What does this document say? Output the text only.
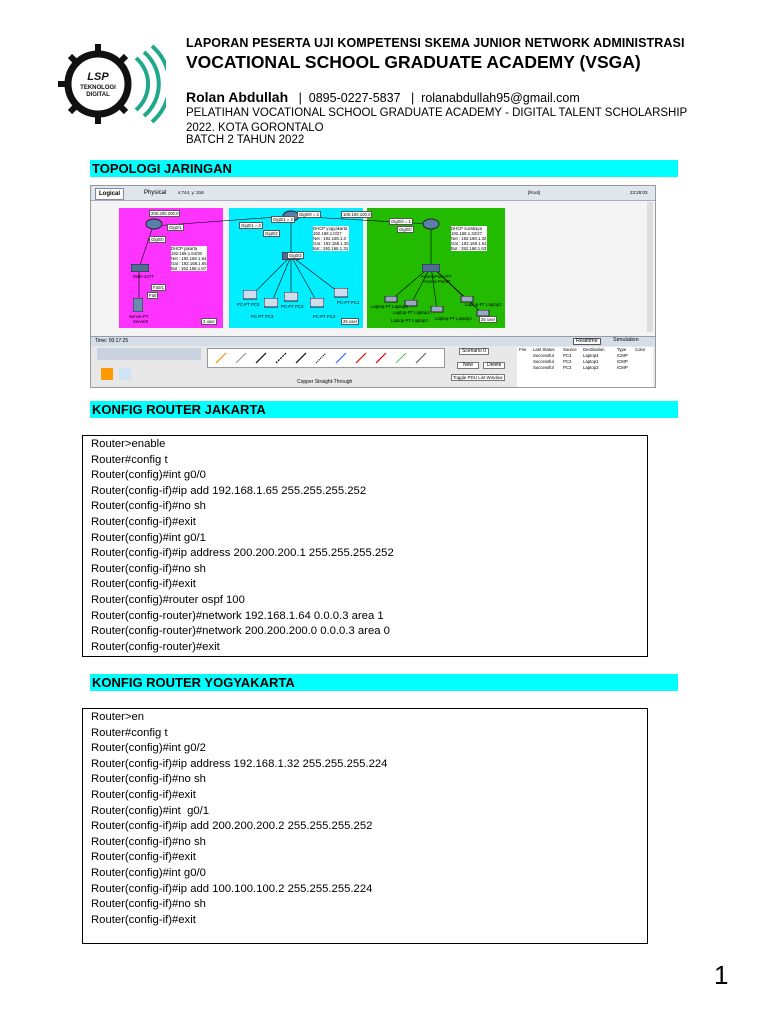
LSP
TEKNOLOGI
DIGITAL
LAPORAN PESERTA UJI KOMPETENSI SKEMA JUNIOR NETWORK ADMINISTRASI
VOCATIONAL SCHOOL GRADUATE ACADEMY (VSGA)
Rolan Abdullah   |  0895-0227-5837   |  rolanabdullah95@gmail.com
PELATIHAN VOCATIONAL SCHOOL GRADUATE ACADEMY - DIGITAL TALENT SCHOLARSHIP 2022. KOTA GORONTALO
BATCH 2 TAHUN 2022
TOPOLOGI JARINGAN
Logical	Physical	x:744, y: 316	[Root]	23:29:03
200.200.200.0	100.100.100.0
Gig0/1
Gig0/0
Gig0/1 = 2
Gig0/1 = 2
Gig0/0 = 2
Gig0/2
Gig0/3
Gig0/0 = 1
Gig0/0
DHCP jakarta
192.168.1.64/30
Net : 192.168.1.64
Gat : 192.168.1.65
Bot : 192.168.1.67
DHCP yogyakarta
192.168.1.0/27
Net : 192.168.1.0
Gat : 192.168.1.30
Bot : 192.168.1.31
DHCP surabaya
192.168.1.32/27
Net : 192.168.1.32
Gat : 192.168.1.62
Bot : 192.168.1.63
2960-24TT
Fa0/1
Fa0
Server-PT
Server0	2 user
PC-PT PC0	PC-PT PC1
PC-PT PC2
PC-PT PC3	PC-PT PC4
25 user
AccessPoint-PT
Access Point0
Laptop-PT Laptop0
Laptop-PT Laptop1
Laptop-PT Laptop2
Laptop-PT Laptop3 Laptop-PT Laptop4	25 user
Time: 00:17:25	Realtime	Simulation
Copper Straight-Through
Scenario 0
New	Delete
Toggle PDU List Window
Fire Last Status Source Destination	Type Color
Successful PC4	Laptop4	ICMP
Successful PC2	Laptop1	ICMP
Successful PC3	Laptop3	ICMP
KONFIG ROUTER JAKARTA
Router>enable
Router#config t
Router(config)#int g0/0
Router(config-if)#ip add 192.168.1.65 255.255.255.252
Router(config-if)#no sh
Router(config-if)#exit
Router(config)#int g0/1
Router(config-if)#ip address 200.200.200.1 255.255.255.252
Router(config-if)#no sh
Router(config-if)#exit
Router(config)#router ospf 100
Router(config-router)#network 192.168.1.64 0.0.0.3 area 1
Router(config-router)#network 200.200.200.0 0.0.0.3 area 0
Router(config-router)#exit
KONFIG ROUTER YOGYAKARTA
Router>en
Router#config t
Router(config)#int g0/2
Router(config-if)#ip address 192.168.1.32 255.255.255.224
Router(config-if)#no sh
Router(config-if)#exit
Router(config)#int  g0/1
Router(config-if)#ip add 200.200.200.2 255.255.255.252
Router(config-if)#no sh
Router(config-if)#exit
Router(config)#int g0/0
Router(config-if)#ip add 100.100.100.2 255.255.255.224
Router(config-if)#no sh
Router(config-if)#exit
1
